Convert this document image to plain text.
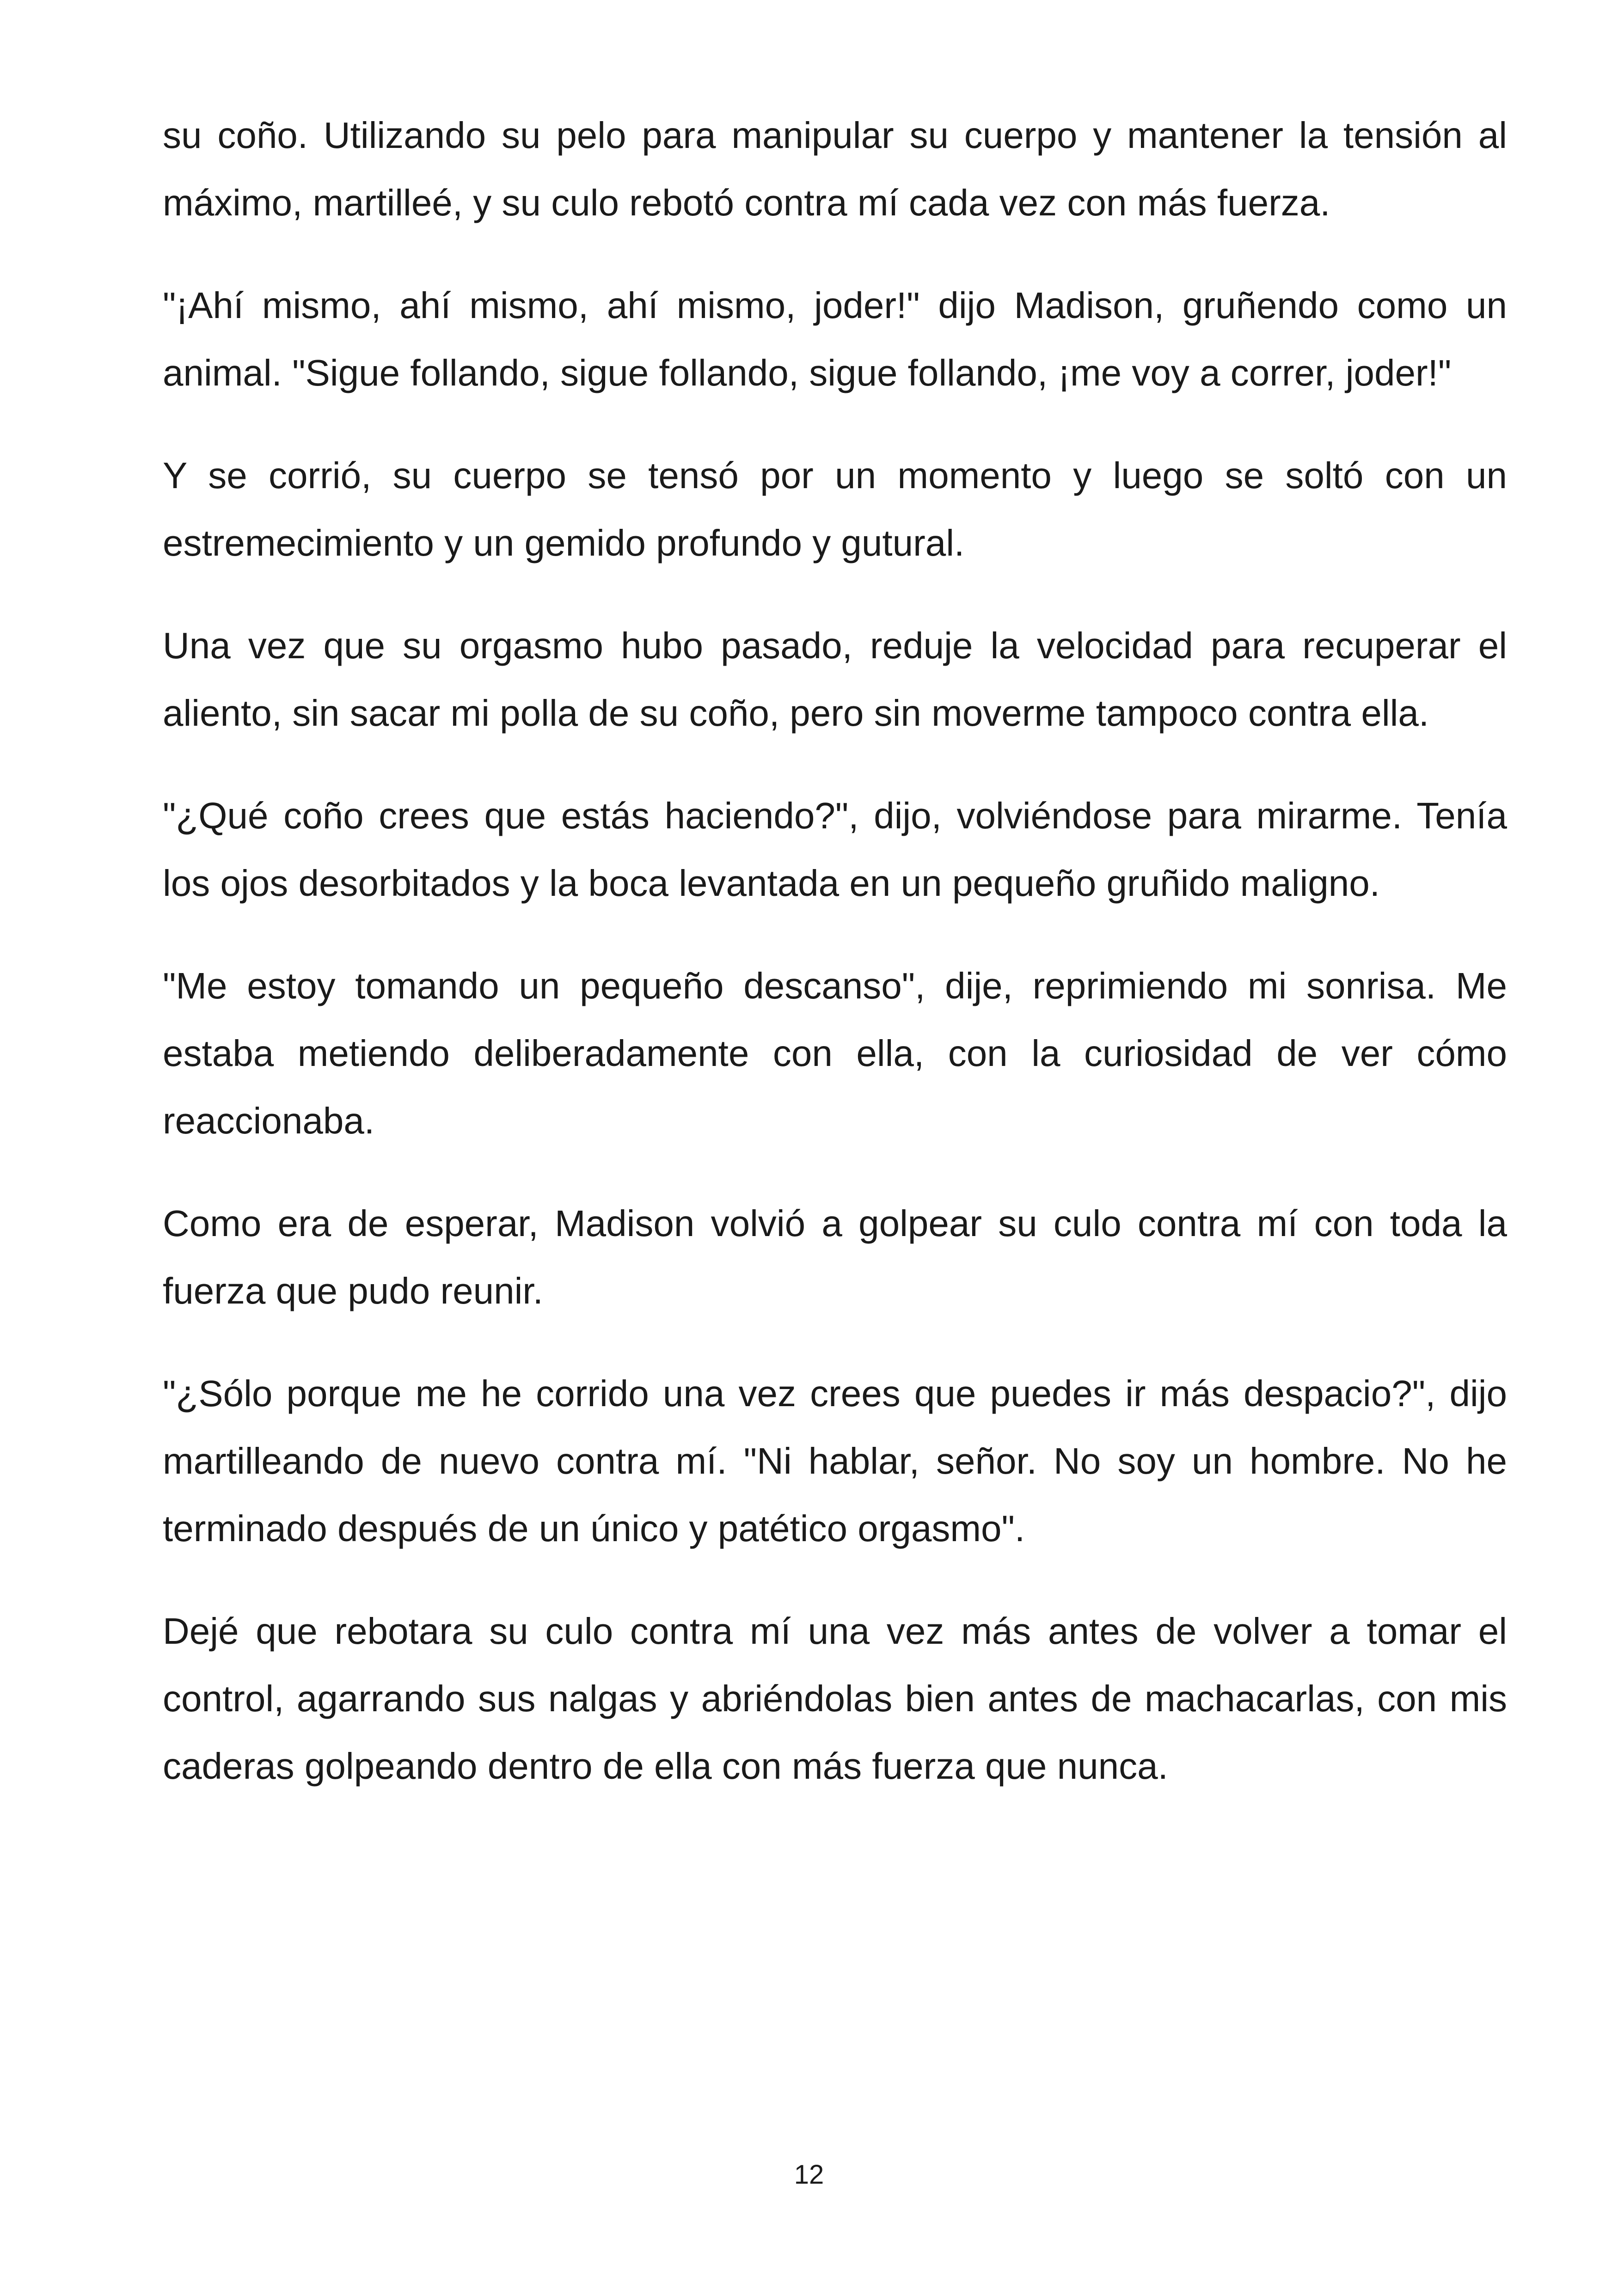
su coño. Utilizando su pelo para manipular su cuerpo y mantener la tensión al máximo, martilleé, y su culo rebotó contra mí cada vez con más fuerza.

"¡Ahí mismo, ahí mismo, ahí mismo, joder!" dijo Madison, gruñendo como un animal. "Sigue follando, sigue follando, sigue follando, ¡me voy a correr, joder!"

Y se corrió, su cuerpo se tensó por un momento y luego se soltó con un estremecimiento y un gemido profundo y gutural.

Una vez que su orgasmo hubo pasado, reduje la velocidad para recuperar el aliento, sin sacar mi polla de su coño, pero sin moverme tampoco contra ella.

"¿Qué coño crees que estás haciendo?", dijo, volviéndose para mirarme. Tenía los ojos desorbitados y la boca levantada en un pequeño gruñido maligno.

"Me estoy tomando un pequeño descanso", dije, reprimiendo mi sonrisa. Me estaba metiendo deliberadamente con ella, con la curiosidad de ver cómo reaccionaba.

Como era de esperar, Madison volvió a golpear su culo contra mí con toda la fuerza que pudo reunir.

"¿Sólo porque me he corrido una vez crees que puedes ir más despacio?", dijo martilleando de nuevo contra mí. "Ni hablar, señor. No soy un hombre. No he terminado después de un único y patético orgasmo".

Dejé que rebotara su culo contra mí una vez más antes de volver a tomar el control, agarrando sus nalgas y abriéndolas bien antes de machacarlas, con mis caderas golpeando dentro de ella con más fuerza que nunca.

12
